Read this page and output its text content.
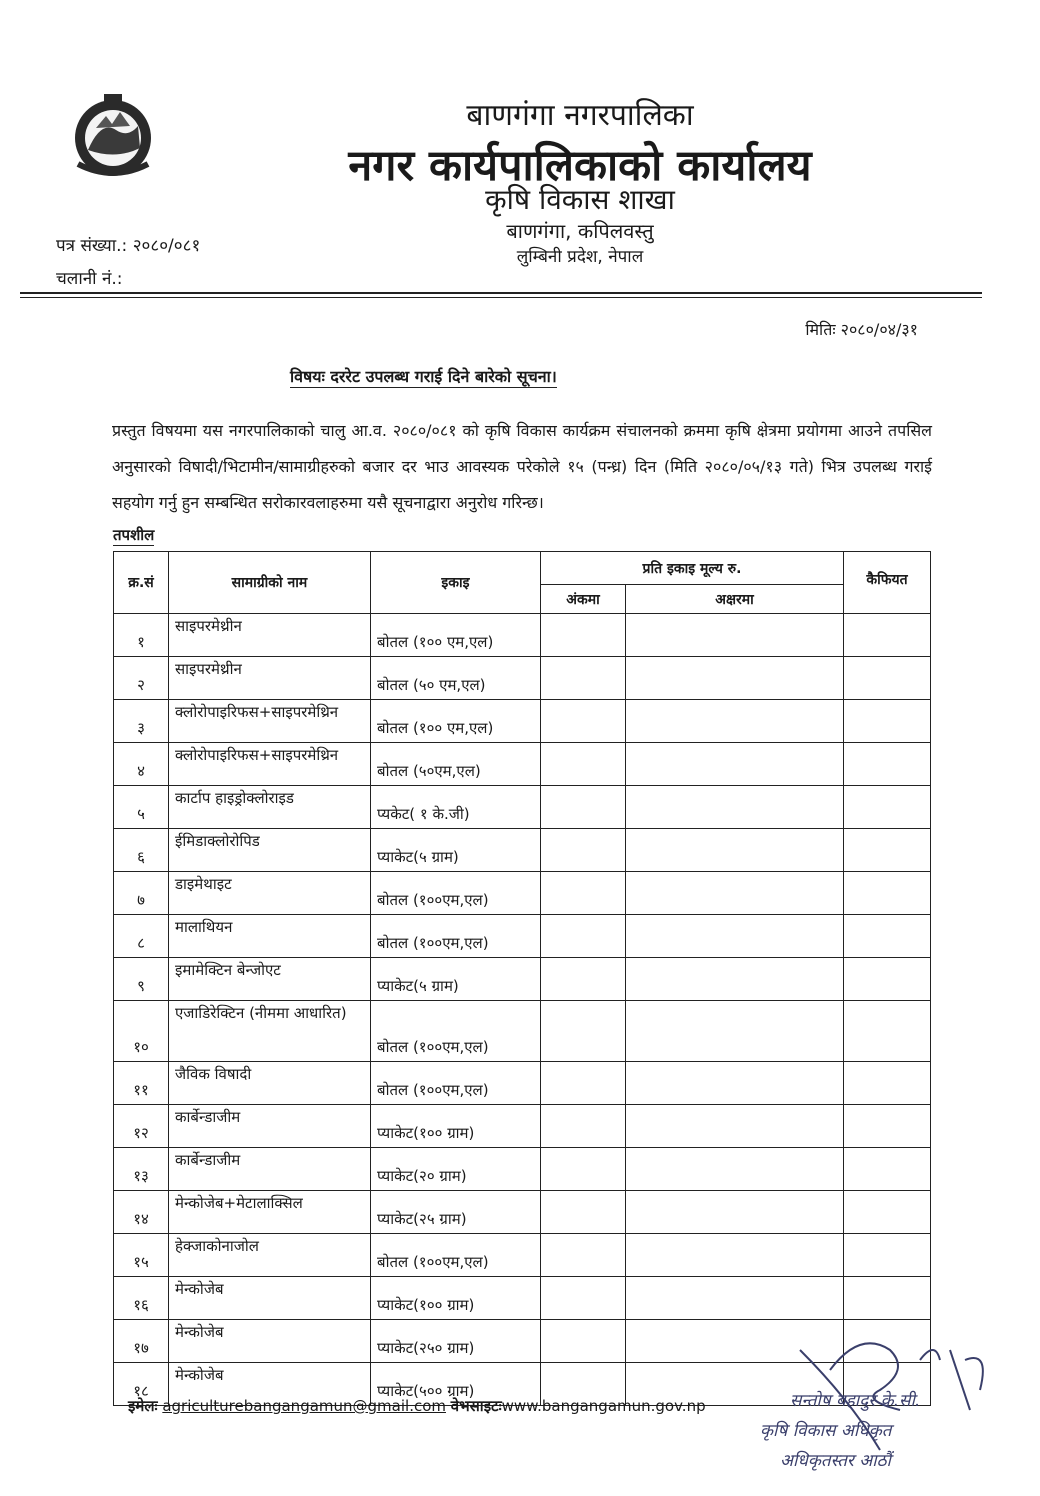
बाणगंगा नगरपालिका
नगर कार्यपालिकाको कार्यालय
कृषि विकास शाखा
बाणगंगा, कपिलवस्तु
लुम्बिनी प्रदेश, नेपाल
पत्र संख्या.: २०८०/०८१
चलानी नं.:
मितिः २०८०/०४/३१
विषयः दररेट उपलब्ध गराई दिने बारेको सूचना।
प्रस्तुत विषयमा यस नगरपालिकाको चालु आ.व. २०८०/०८१ को कृषि विकास कार्यक्रम संचालनको क्रममा कृषि क्षेत्रमा प्रयोगमा आउने तपसिल अनुसारको विषादी/भिटामीन/सामाग्रीहरुको बजार दर भाउ आवस्यक परेकोले १५ (पन्ध्र) दिन (मिति २०८०/०५/१३ गते) भित्र उपलब्ध गराई सहयोग गर्नु हुन सम्बन्धित सरोकारवलाहरुमा यसै सूचनाद्वारा अनुरोध गरिन्छ।
तपशील
क्र.सं	सामाग्रीको नाम	इकाइ	प्रति इकाइ मूल्य रु.		कैफियत
			अंकमा	अक्षरमा	
१	साइपरमेथ्रीन	बोतल (१०० एम,एल)			
२	साइपरमेथ्रीन	बोतल (५० एम,एल)			
३	क्लोरोपाइरिफस+साइपरमेथ्रिन	बोतल (१०० एम,एल)			
४	क्लोरोपाइरिफस+साइपरमेथ्रिन	बोतल (५०एम,एल)			
५	कार्टाप हाइड्रोक्लोराइड	प्यकेट( १ के.जी)			
६	ईमिडाक्लोरोपिड	प्याकेट(५ ग्राम)			
७	डाइमेथाइट	बोतल (१००एम,एल)			
८	मालाथियन	बोतल (१००एम,एल)			
९	इमामेक्टिन बेन्जोएट	प्याकेट(५ ग्राम)			
१०	एजाडिरेक्टिन (नीममा आधारित)	बोतल (१००एम,एल)			
११	जैविक विषादी	बोतल (१००एम,एल)			
१२	कार्बेन्डाजीम	प्याकेट(१०० ग्राम)			
१३	कार्बेन्डाजीम	प्याकेट(२० ग्राम)			
१४	मेन्कोजेब+मेटालाक्सिल	प्याकेट(२५ ग्राम)			
१५	हेक्जाकोनाजोल	बोतल (१००एम,एल)			
१६	मेन्कोजेब	प्याकेट(१०० ग्राम)			
१७	मेन्कोजेब	प्याकेट(२५० ग्राम)			
१८	मेन्कोजेब	प्याकेट(५०० ग्राम)			
इमेलः agriculturebangangamun@gmail.com वेभसाइटःwww.bangangamun.gov.np	सन्तोष बहादुर के.सी.
कृषि विकास अधिकृत
अधिकृतस्तर आठौं
